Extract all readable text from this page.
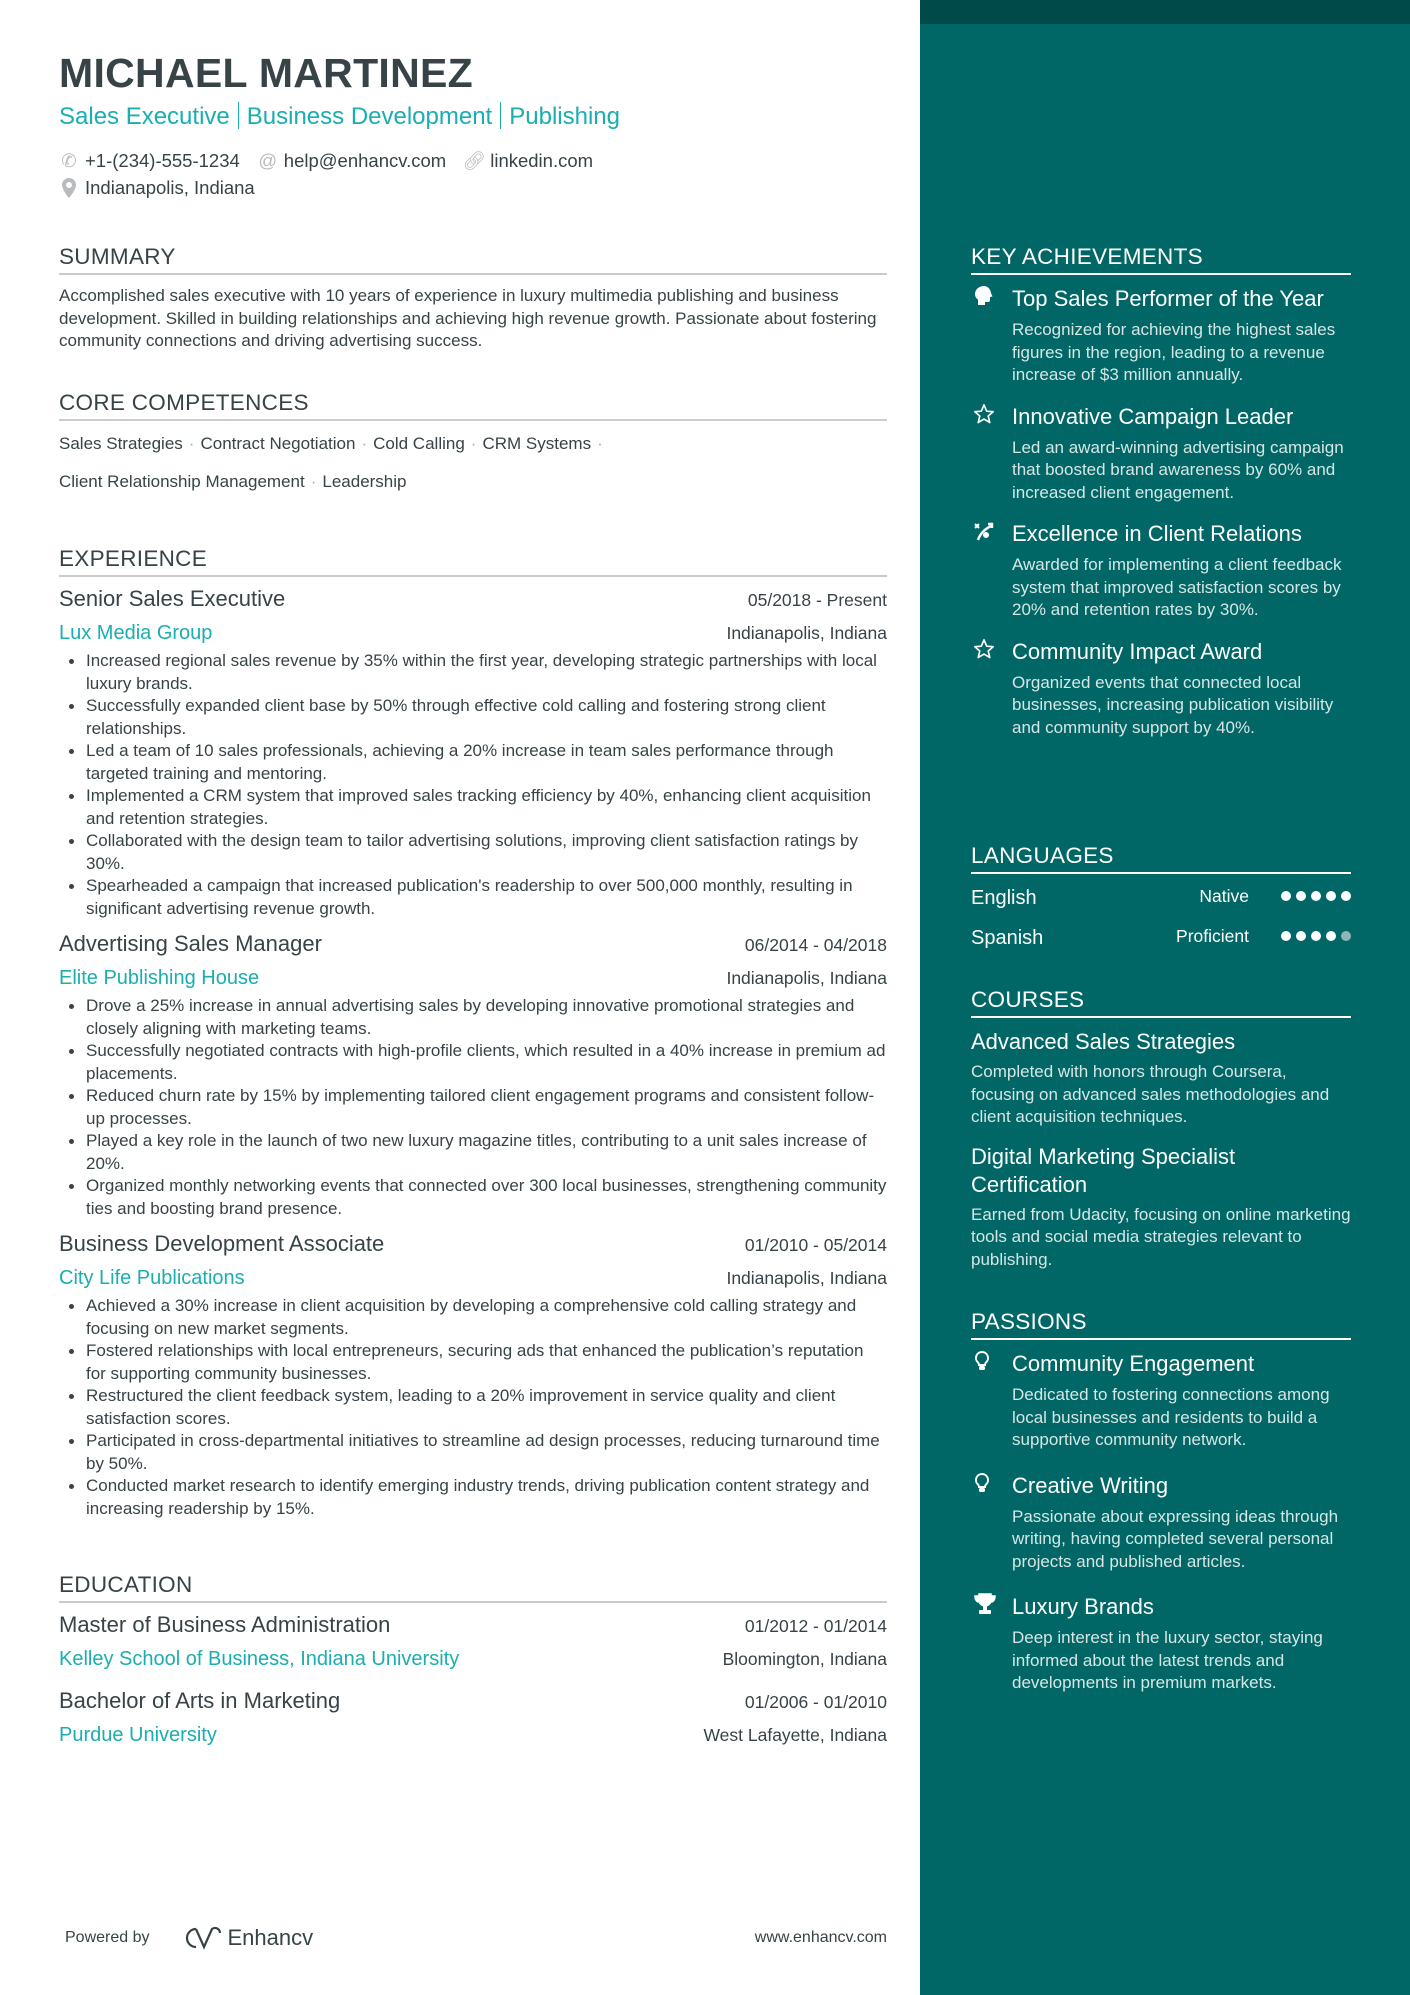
MICHAEL MARTINEZ
Sales Executive Business Development Publishing
✆ +1-(234)-555-1234 @ help@enhancv.com 🔗︎ linkedin.com
Indianapolis, Indiana
SUMMARY
Accomplished sales executive with 10 years of experience in luxury multimedia publishing and business development. Skilled in building relationships and achieving high revenue growth. Passionate about fostering community connections and driving advertising success.
CORE COMPETENCES
Sales Strategies · Contract Negotiation · Cold Calling · CRM Systems ·
Client Relationship Management · Leadership
EXPERIENCE
Senior Sales Executive	05/2018 - Present
Lux Media Group	Indianapolis, Indiana
Increased regional sales revenue by 35% within the first year, developing strategic partnerships with local luxury brands.
Successfully expanded client base by 50% through effective cold calling and fostering strong client relationships.
Led a team of 10 sales professionals, achieving a 20% increase in team sales performance through targeted training and mentoring.
Implemented a CRM system that improved sales tracking efficiency by 40%, enhancing client acquisition and retention strategies.
Collaborated with the design team to tailor advertising solutions, improving client satisfaction ratings by 30%.
Spearheaded a campaign that increased publication's readership to over 500,000 monthly, resulting in significant advertising revenue growth.
Advertising Sales Manager	06/2014 - 04/2018
Elite Publishing House	Indianapolis, Indiana
Drove a 25% increase in annual advertising sales by developing innovative promotional strategies and closely aligning with marketing teams.
Successfully negotiated contracts with high-profile clients, which resulted in a 40% increase in premium ad placements.
Reduced churn rate by 15% by implementing tailored client engagement programs and consistent follow-up processes.
Played a key role in the launch of two new luxury magazine titles, contributing to a unit sales increase of 20%.
Organized monthly networking events that connected over 300 local businesses, strengthening community ties and boosting brand presence.
Business Development Associate	01/2010 - 05/2014
City Life Publications	Indianapolis, Indiana
Achieved a 30% increase in client acquisition by developing a comprehensive cold calling strategy and focusing on new market segments.
Fostered relationships with local entrepreneurs, securing ads that enhanced the publication’s reputation for supporting community businesses.
Restructured the client feedback system, leading to a 20% improvement in service quality and client satisfaction scores.
Participated in cross-departmental initiatives to streamline ad design processes, reducing turnaround time by 50%.
Conducted market research to identify emerging industry trends, driving publication content strategy and increasing readership by 15%.
EDUCATION
Master of Business Administration	01/2012 - 01/2014
Kelley School of Business, Indiana University	Bloomington, Indiana
Bachelor of Arts in Marketing	01/2006 - 01/2010
Purdue University	West Lafayette, Indiana
Powered by	Enhancv	www.enhancv.com
KEY ACHIEVEMENTS
Top Sales Performer of the Year
Recognized for achieving the highest sales figures in the region, leading to a revenue increase of $3 million annually.
Innovative Campaign Leader
Led an award-winning advertising campaign that boosted brand awareness by 60% and increased client engagement.
Excellence in Client Relations
Awarded for implementing a client feedback system that improved satisfaction scores by 20% and retention rates by 30%.
Community Impact Award
Organized events that connected local businesses, increasing publication visibility and community support by 40%.
LANGUAGES
English	Native
Spanish	Proficient
COURSES
Advanced Sales Strategies
Completed with honors through Coursera, focusing on advanced sales methodologies and client acquisition techniques.
Digital Marketing Specialist Certification
Earned from Udacity, focusing on online marketing tools and social media strategies relevant to publishing.
PASSIONS
Community Engagement
Dedicated to fostering connections among local businesses and residents to build a supportive community network.
Creative Writing
Passionate about expressing ideas through writing, having completed several personal projects and published articles.
Luxury Brands
Deep interest in the luxury sector, staying informed about the latest trends and developments in premium markets.
